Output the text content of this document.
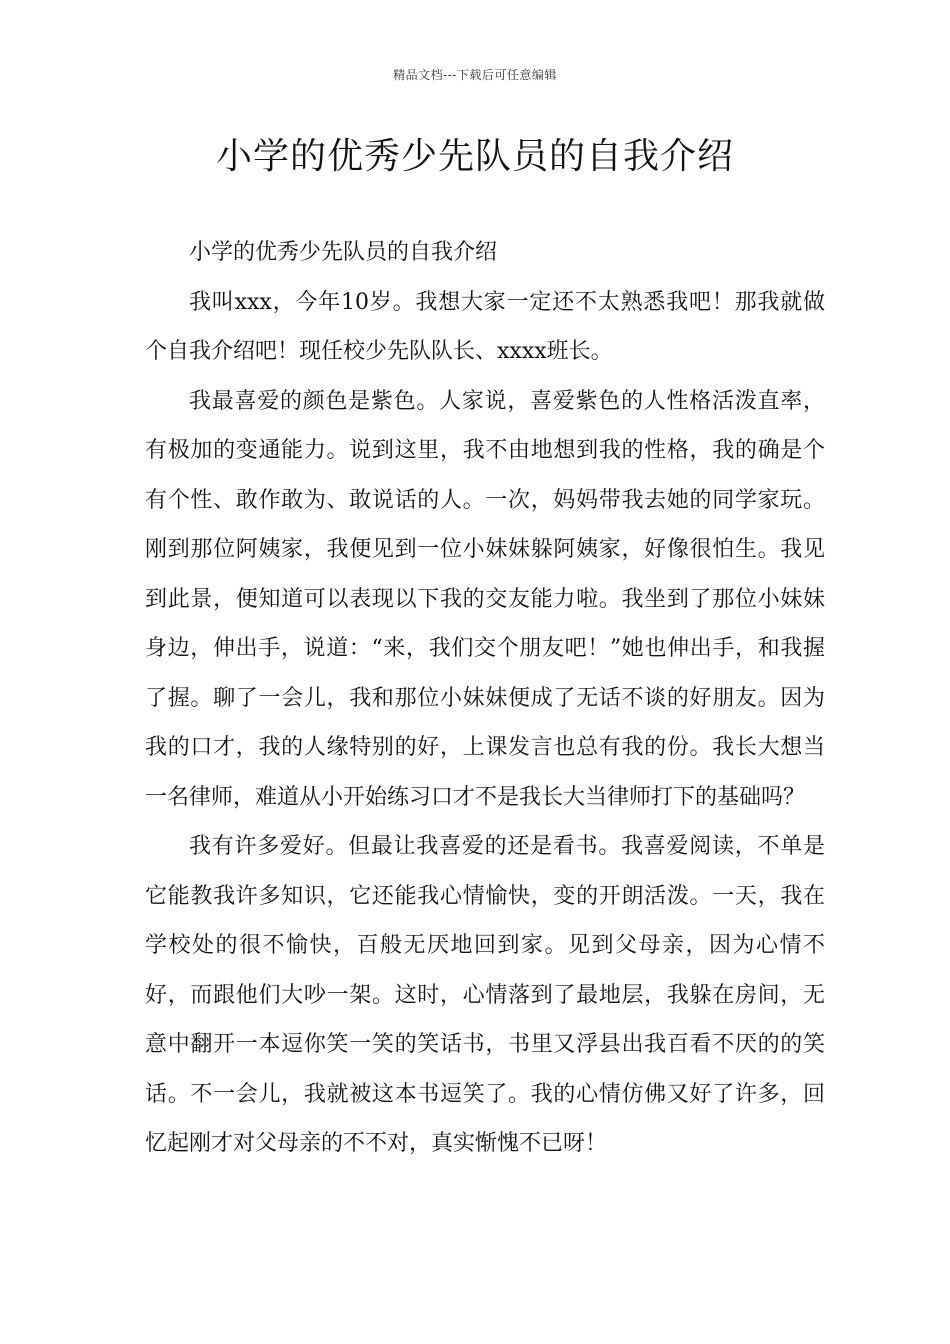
精品文档---下载后可任意编辑
小学的优秀少先队员的自我介绍

小学的优秀少先队员的自我介绍

我叫xxx，今年10岁。我想大家一定还不太熟悉我吧！那我就做个自我介绍吧！现任校少先队队长、xxxx班长。

我最喜爱的颜色是紫色。人家说，喜爱紫色的人性格活泼直率，有极加的变通能力。说到这里，我不由地想到我的性格，我的确是个有个性、敢作敢为、敢说话的人。一次，妈妈带我去她的同学家玩。刚到那位阿姨家，我便见到一位小妹妹躲阿姨家，好像很怕生。我见到此景，便知道可以表现以下我的交友能力啦。我坐到了那位小妹妹身边，伸出手，说道：“来，我们交个朋友吧！”她也伸出手，和我握了握。聊了一会儿，我和那位小妹妹便成了无话不谈的好朋友。因为我的口才，我的人缘特别的好，上课发言也总有我的份。我长大想当一名律师，难道从小开始练习口才不是我长大当律师打下的基础吗？

我有许多爱好。但最让我喜爱的还是看书。我喜爱阅读，不单是它能教我许多知识，它还能我心情愉快，变的开朗活泼。一天，我在学校处的很不愉快，百般无厌地回到家。见到父母亲，因为心情不好，而跟他们大吵一架。这时，心情落到了最地层，我躲在房间，无意中翻开一本逗你笑一笑的笑话书，书里又浮县出我百看不厌的的笑话。不一会儿，我就被这本书逗笑了。我的心情仿佛又好了许多，回忆起刚才对父母亲的不不对，真实惭愧不已呀！
